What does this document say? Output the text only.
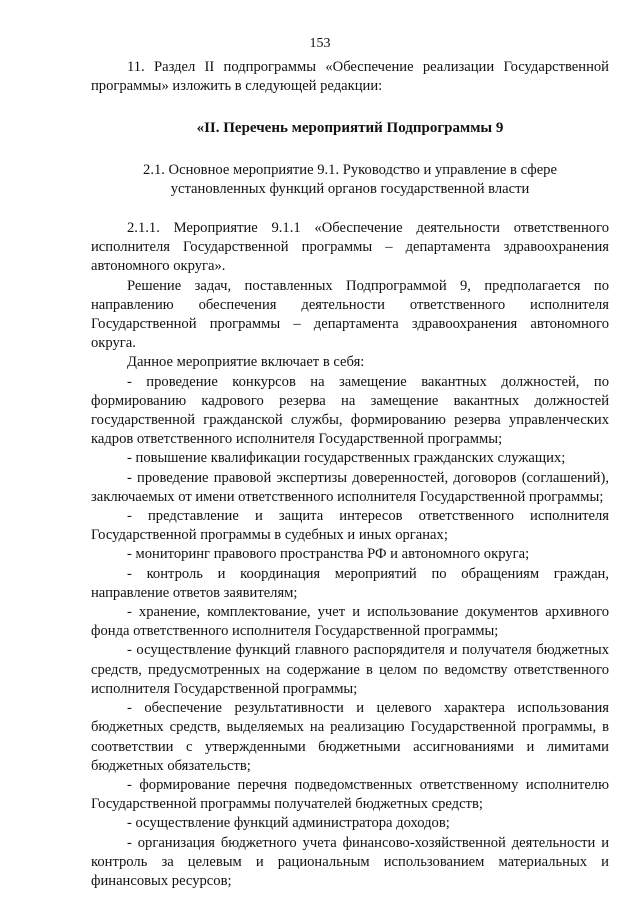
153

11. Раздел II подпрограммы «Обеспечение реализации Государственной программы» изложить в следующей редакции:

«II. Перечень мероприятий Подпрограммы 9

2.1. Основное мероприятие 9.1. Руководство и управление в сфере установленных функций органов государственной власти

2.1.1. Мероприятие 9.1.1 «Обеспечение деятельности ответственного исполнителя Государственной программы – департамента здравоохранения автономного округа».

Решение задач, поставленных Подпрограммой 9, предполагается по направлению обеспечения деятельности ответственного исполнителя Государственной программы – департамента здравоохранения автономного округа.

Данное мероприятие включает в себя:

- проведение конкурсов на замещение вакантных должностей, по формированию кадрового резерва на замещение вакантных должностей государственной гражданской службы, формированию резерва управленческих кадров ответственного исполнителя Государственной программы;
- повышение квалификации государственных гражданских служащих;
- проведение правовой экспертизы доверенностей, договоров (соглашений), заключаемых от имени ответственного исполнителя Государственной программы;
- представление и защита интересов ответственного исполнителя Государственной программы в судебных и иных органах;
- мониторинг правового пространства РФ и автономного округа;
- контроль и координация мероприятий по обращениям граждан, направление ответов заявителям;
- хранение, комплектование, учет и использование документов архивного фонда ответственного исполнителя Государственной программы;
- осуществление функций главного распорядителя и получателя бюджетных средств, предусмотренных на содержание в целом по ведомству ответственного исполнителя Государственной программы;
- обеспечение результативности и целевого характера использования бюджетных средств, выделяемых на реализацию Государственной программы, в соответствии с утвержденными бюджетными ассигнованиями и лимитами бюджетных обязательств;
- формирование перечня подведомственных ответственному исполнителю Государственной программы получателей бюджетных средств;
- осуществление функций администратора доходов;
- организация бюджетного учета финансово-хозяйственной деятельности и контроль за целевым и рациональным использованием материальных и финансовых ресурсов;
